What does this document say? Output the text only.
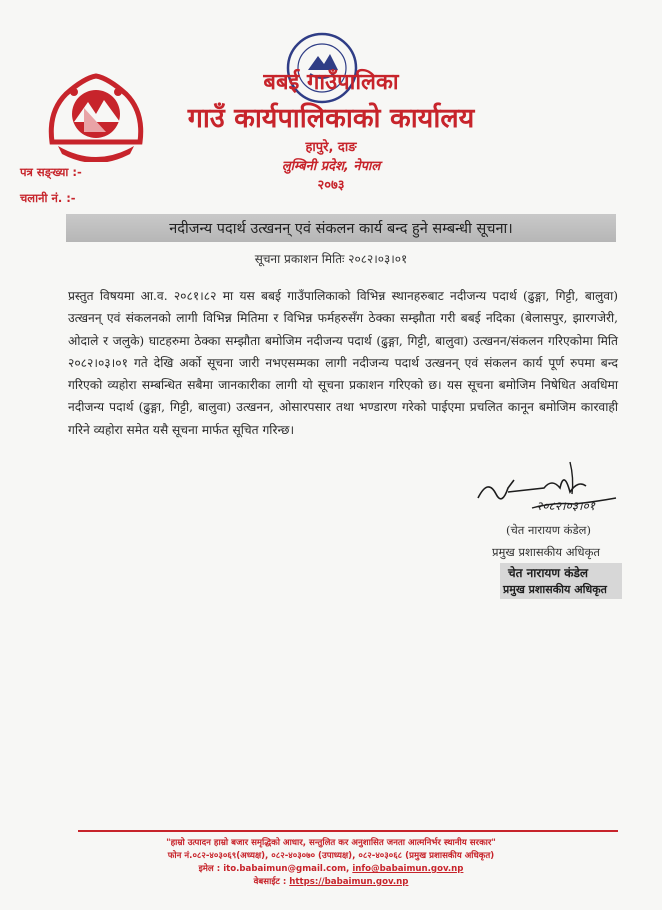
बबई गाउँपालिका
गाउँ कार्यपालिकाको कार्यालय
हापुरे, दाङ
लुम्बिनी प्रदेश, नेपाल
२०७३
पत्र सङ्ख्या :-
चलानी नं. :-
नदीजन्य पदार्थ उत्खनन् एवं संकलन कार्य बन्द हुने सम्बन्धी सूचना।
सूचना प्रकाशन मितिः २०८२।०३।०१
प्रस्तुत विषयमा आ.व. २०८१।८२ मा यस बबई गाउँपालिकाको विभिन्न स्थानहरुबाट नदीजन्य पदार्थ (ढुङ्गा, गिट्टी, बालुवा) उत्खनन् एवं संकलनको लागी विभिन्न मितिमा र विभिन्न फर्महरुसँग ठेक्का सम्झौता गरी बबई नदिका (बेलासपुर, झारगजेरी, ओदाले र जलुके) घाटहरुमा ठेक्का सम्झौता बमोजिम नदीजन्य पदार्थ (ढुङ्गा, गिट्टी, बालुवा) उत्खनन/संकलन गरिएकोमा मिति २०८२।०३।०१ गते देखि अर्को सूचना जारी नभएसम्मका लागी नदीजन्य पदार्थ उत्खनन् एवं संकलन कार्य पूर्ण रुपमा बन्द गरिएको व्यहोरा सम्बन्धित सबैमा जानकारीका लागी यो सूचना प्रकाशन गरिएको छ। यस सूचना बमोजिम निषेधित अवधिमा नदीजन्य पदार्थ (ढुङ्गा, गिट्टी, बालुवा) उत्खनन, ओसारपसार तथा भण्डारण गरेको पाईएमा प्रचलित कानून बमोजिम कारवाही गरिने व्यहोरा समेत यसै सूचना मार्फत सूचित गरिन्छ।
२०८२।०३।०१
(चेत नारायण कंडेल)
प्रमुख प्रशासकीय अधिकृत
चेत नारायण कंडेल
प्रमुख प्रशासकीय अधिकृत
"हाम्रो उत्पादन हाम्रो बजार समृद्धिको आधार, सन्तुलित कर अनुशासित जनता आत्मनिर्भर स्थानीय सरकार"
फोन नं.०८२-४०३०६९(अध्यक्ष), ०८२-४०३०७० (उपाध्यक्ष), ०८२-४०३०६८ (प्रमुख प्रशासकीय अधिकृत)
इमेल : ito.babaimun@gmail.com, info@babaimun.gov.np
वेबसाईट : https://babaimun.gov.np
